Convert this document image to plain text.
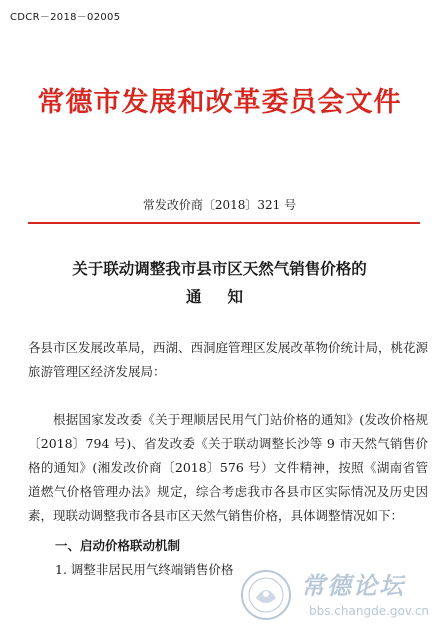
CDCR－2018－02005
常德市发展和改革委员会文件
常发改价商〔2018〕321 号
关于联动调整我市县市区天然气销售价格的
通知
各县市区发展改革局，西湖、西洞庭管理区发展改革物价统计局，桃花源旅游管理区经济发展局：
根据国家发改委《关于理顺居民用气门站价格的通知》(发改价格规〔2018〕794 号)、省发改委《关于联动调整长沙等 9 市天然气销售价格的通知》(湘发改价商〔2018〕576 号）文件精神，按照《湖南省管道燃气价格管理办法》规定，综合考虑我市各县市区实际情况及历史因素，现联动调整我市各县市区天然气销售价格，具体调整情况如下：
一、启动价格联动机制
1. 调整非居民用气终端销售价格
常德论坛
bbs.changde.gov.cn
